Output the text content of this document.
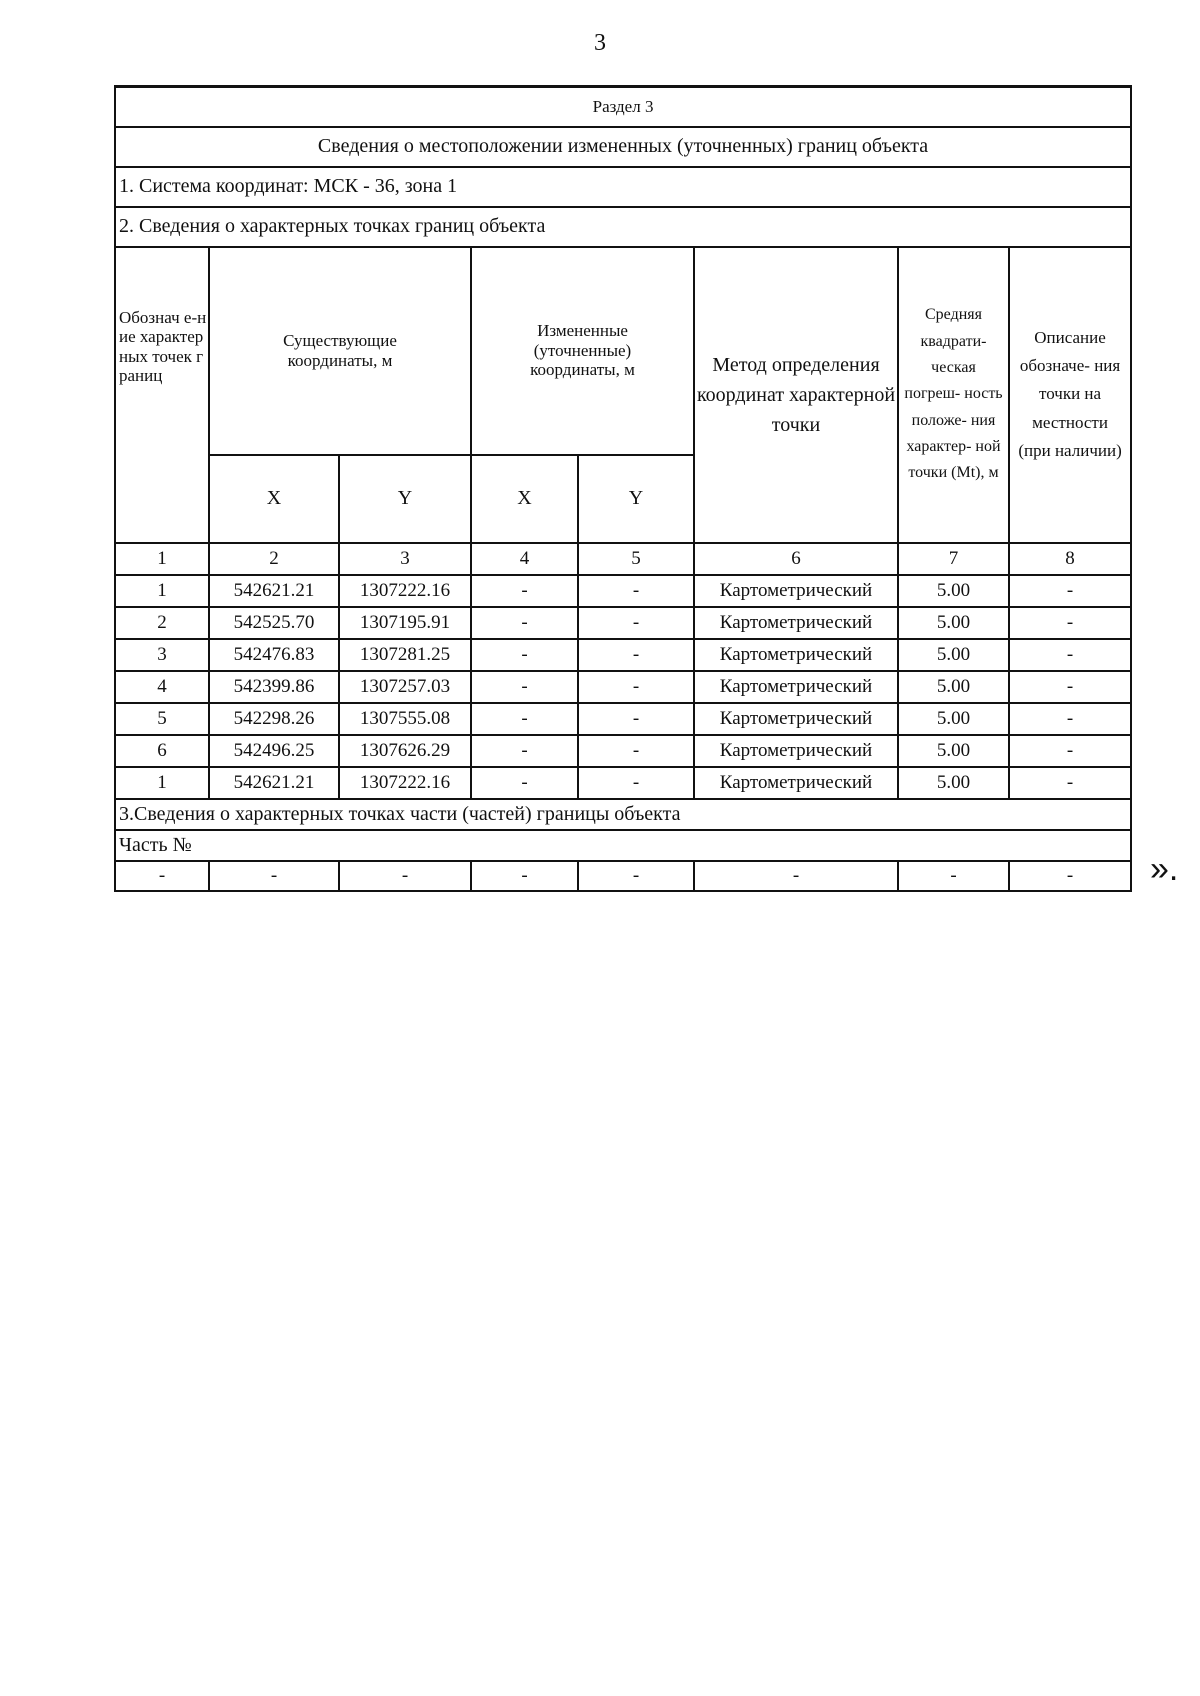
3
Раздел 3							
Сведения о местоположении измененных (уточненных) границ объекта							
1. Система координат: МСК - 36, зона 1							
2. Сведения о характерных точках границ объекта							
Обознач е-ние характер ных точек границ	Существующие координаты, м		Измененные (уточненные) координаты, м		Метод определения координат характерной точки	Средняя квадрати- ческая погреш- ность положе- ния характер- ной точки (Mt), м	Описание обозначе- ния точки на местности (при наличии)
	X	Y	X	Y			
1	2	3	4	5	6	7	8
1	542621.21	1307222.16	-	-	Картометрический	5.00	-
2	542525.70	1307195.91	-	-	Картометрический	5.00	-
3	542476.83	1307281.25	-	-	Картометрический	5.00	-
4	542399.86	1307257.03	-	-	Картометрический	5.00	-
5	542298.26	1307555.08	-	-	Картометрический	5.00	-
6	542496.25	1307626.29	-	-	Картометрический	5.00	-
1	542621.21	1307222.16	-	-	Картометрический	5.00	-
3.Сведения о характерных точках части (частей) границы объекта							
Часть №							
-	-	-	-	-	-	-	- ».
